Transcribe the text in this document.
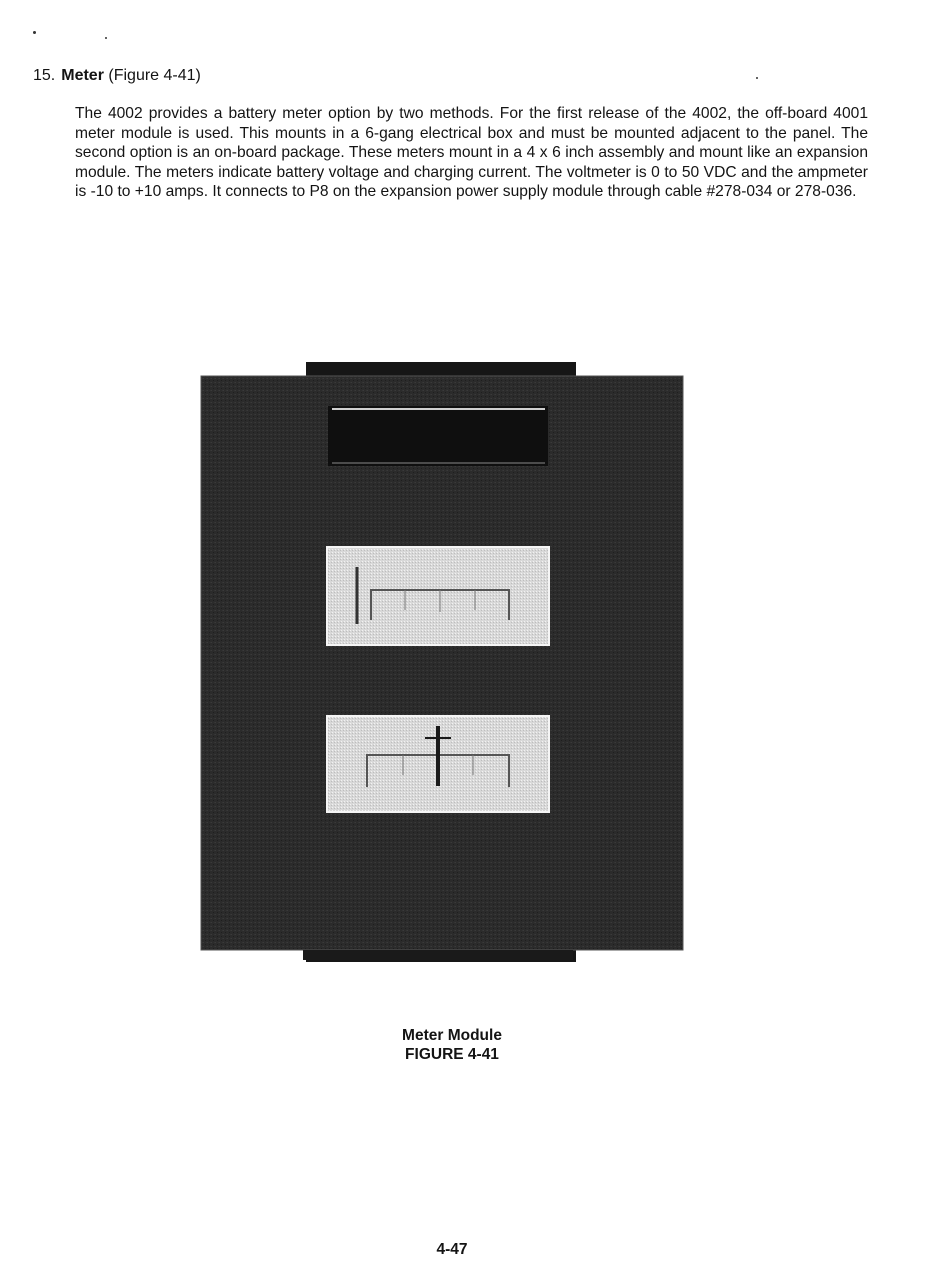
15. Meter (Figure 4-41)

The 4002 provides a battery meter option by two methods. For the first release of the 4002, the off-board 4001 meter module is used. This mounts in a 6-gang electrical box and must be mounted adjacent to the panel. The second option is an on-board package. These meters mount in a 4 x 6 inch assembly and mount like an expansion module. The meters indicate battery voltage and charging current. The voltmeter is 0 to 50 VDC and the ampmeter is -10 to +10 amps. It connects to P8 on the expansion power supply module through cable #278-034 or 278-036.

Meter Module
FIGURE 4-41
4-47
